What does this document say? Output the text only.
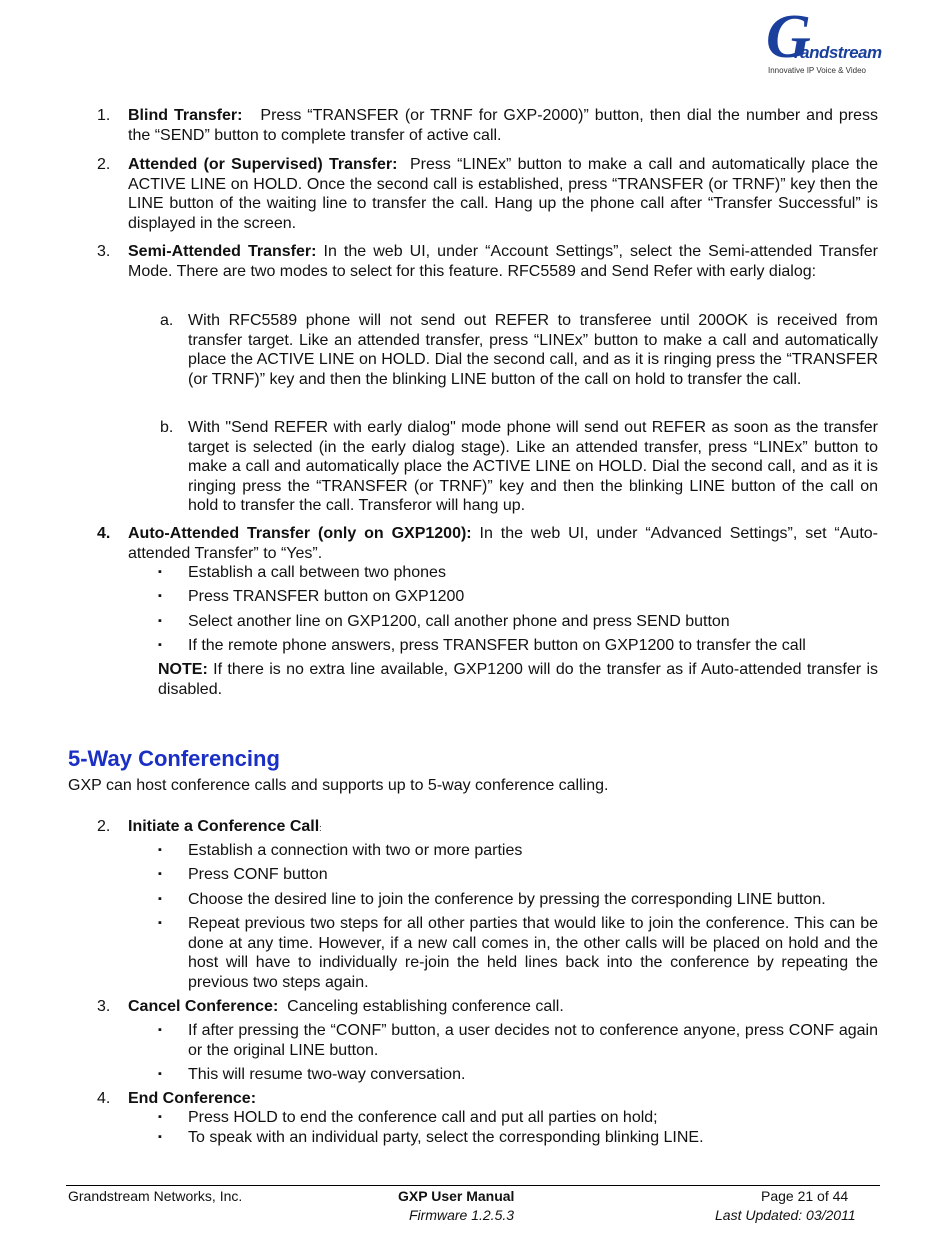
G
randstream
Innovative IP Voice & Video
1. Blind Transfer: Press “TRANSFER (or TRNF for GXP-2000)” button, then dial the number and press the “SEND” button to complete transfer of active call.
2. Attended (or Supervised) Transfer: Press “LINEx” button to make a call and automatically place the ACTIVE LINE on HOLD. Once the second call is established, press “TRANSFER (or TRNF)” key then the LINE button of the waiting line to transfer the call. Hang up the phone call after “Transfer Successful” is displayed in the screen.
3. Semi-Attended Transfer: In the web UI, under “Account Settings”, select the Semi-attended Transfer Mode. There are two modes to select for this feature. RFC5589 and Send Refer with early dialog:
a. With RFC5589 phone will not send out REFER to transferee until 200OK is received from transfer target. Like an attended transfer, press “LINEx” button to make a call and automatically place the ACTIVE LINE on HOLD. Dial the second call, and as it is ringing press the “TRANSFER (or TRNF)” key and then the blinking LINE button of the call on hold to transfer the call.
b. With "Send REFER with early dialog" mode phone will send out REFER as soon as the transfer target is selected (in the early dialog stage). Like an attended transfer, press “LINEx” button to make a call and automatically place the ACTIVE LINE on HOLD. Dial the second call, and as it is ringing press the “TRANSFER (or TRNF)” key and then the blinking LINE button of the call on hold to transfer the call. Transferor will hang up.
4. Auto-Attended Transfer (only on GXP1200): In the web UI, under “Advanced Settings”, set “Auto-attended Transfer” to “Yes”.
▪ Establish a call between two phones
▪ Press TRANSFER button on GXP1200
▪ Select another line on GXP1200, call another phone and press SEND button
▪ If the remote phone answers, press TRANSFER button on GXP1200 to transfer the call
NOTE: If there is no extra line available, GXP1200 will do the transfer as if Auto-attended transfer is disabled.
5-Way Conferencing
GXP can host conference calls and supports up to 5-way conference calling.
2. Initiate a Conference Call:
▪ Establish a connection with two or more parties
▪ Press CONF button
▪ Choose the desired line to join the conference by pressing the corresponding LINE button.
▪ Repeat previous two steps for all other parties that would like to join the conference. This can be done at any time. However, if a new call comes in, the other calls will be placed on hold and the host will have to individually re-join the held lines back into the conference by repeating the previous two steps again.
3. Cancel Conference: Canceling establishing conference call.
▪ If after pressing the “CONF” button, a user decides not to conference anyone, press CONF again or the original LINE button.
▪ This will resume two-way conversation.
4. End Conference:
▪ Press HOLD to end the conference call and put all parties on hold;
▪ To speak with an individual party, select the corresponding blinking LINE.
Grandstream Networks, Inc.	GXP User Manual
Firmware 1.2.5.3
Page 21 of 44
Last Updated: 03/2011
